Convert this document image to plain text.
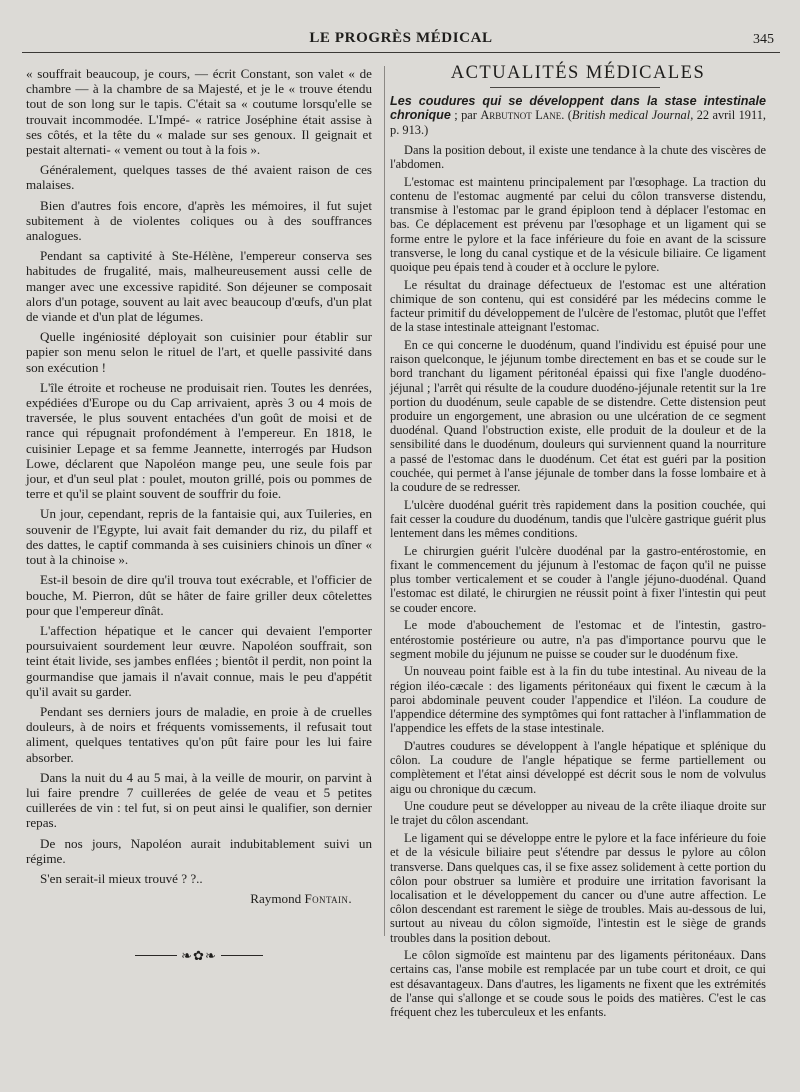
LE PROGRÈS MÉDICAL	345

« souffrait beaucoup, je cours, — écrit Constant, son valet « de chambre — à la chambre de sa Majesté, et je le « trouve étendu tout de son long sur le tapis. C'était sa « coutume lorsqu'elle se trouvait incommodée. L'Impé- « ratrice Joséphine était assise à ses côtés, et la tête du « malade sur ses genoux. Il geignait et pestait alternati- « vement ou tout à la fois ».

Généralement, quelques tasses de thé avaient raison de ces malaises.

Bien d'autres fois encore, d'après les mémoires, il fut sujet subitement à de violentes coliques ou à des souffrances analogues.

Pendant sa captivité à Ste-Hélène, l'empereur conserva ses habitudes de frugalité, mais, malheureusement aussi celle de manger avec une excessive rapidité. Son déjeuner se composait alors d'un potage, souvent au lait avec beaucoup d'œufs, d'un plat de viande et d'un plat de légumes.

Quelle ingéniosité déployait son cuisinier pour établir sur papier son menu selon le rituel de l'art, et quelle passivité dans son exécution !

L'île étroite et rocheuse ne produisait rien. Toutes les denrées, expédiées d'Europe ou du Cap arrivaient, après 3 ou 4 mois de traversée, le plus souvent entachées d'un goût de moisi et de rance qui répugnait profondément à l'empereur. En 1818, le cuisinier Lepage et sa femme Jeannette, interrogés par Hudson Lowe, déclarent que Napoléon mange peu, une seule fois par jour, et d'un seul plat : poulet, mouton grillé, pois ou pommes de terre et qu'il se plaint souvent de souffrir du foie.

Un jour, cependant, repris de la fantaisie qui, aux Tuileries, en souvenir de l'Egypte, lui avait fait demander du riz, du pilaff et des dattes, le captif commanda à ses cuisiniers chinois un dîner « tout à la chinoise ».

Est-il besoin de dire qu'il trouva tout exécrable, et l'officier de bouche, M. Pierron, dût se hâter de faire griller deux côtelettes pour que l'empereur dînât.

L'affection hépatique et le cancer qui devaient l'emporter poursuivaient sourdement leur œuvre. Napoléon souffrait, son teint était livide, ses jambes enflées ; bientôt il perdit, non point la gourmandise que jamais il n'avait connue, mais le peu d'appétit qu'il avait su garder.

Pendant ses derniers jours de maladie, en proie à de cruelles douleurs, à de noirs et fréquents vomissements, il refusait tout aliment, quelques tentatives qu'on pût faire pour les lui faire absorber.

Dans la nuit du 4 au 5 mai, à la veille de mourir, on parvint à lui faire prendre 7 cuillerées de gelée de veau et 5 petites cuillerées de vin : tel fut, si on peut ainsi le qualifier, son dernier repas.

De nos jours, Napoléon aurait indubitablement suivi un régime.

S'en serait-il mieux trouvé ? ?..

Raymond Fontain.
❧✿❧
ACTUALITÉS MÉDICALES

Les coudures qui se développent dans la stase intestinale chronique ; par Arbutnot Lane. (British medical Journal, 22 avril 1911, p. 913.)

Dans la position debout, il existe une tendance à la chute des viscères de l'abdomen.

L'estomac est maintenu principalement par l'œsophage. La traction du contenu de l'estomac augmenté par celui du côlon transverse distendu, transmise à l'estomac par le grand épiploon tend à déplacer l'estomac en bas. Ce déplacement est prévenu par l'œsophage et un ligament qui se forme entre le pylore et la face inférieure du foie en avant de la scissure transverse, le long du canal cystique et de la vésicule biliaire. Ce ligament quoique peu épais tend à couder et à occlure le pylore.

Le résultat du drainage défectueux de l'estomac est une altération chimique de son contenu, qui est considéré par les médecins comme le facteur primitif du développement de l'ulcère de l'estomac, plutôt que l'effet de la stase intestinale atteignant l'estomac.

En ce qui concerne le duodénum, quand l'individu est épuisé pour une raison quelconque, le jéjunum tombe directement en bas et se coude sur le bord tranchant du ligament péritonéal épaissi qui fixe l'angle duodéno-jéjunal ; l'arrêt qui résulte de la coudure duodéno-jéjunale retentit sur la 1re portion du duodénum, seule capable de se distendre. Cette distension peut produire un engorgement, une abrasion ou une ulcération de ce segment duodénal. Quand l'obstruction existe, elle produit de la douleur et de la sensibilité dans le duodénum, douleurs qui surviennent quand la nourriture a passé de l'estomac dans le duodénum. Cet état est guéri par la position couchée, qui permet à l'anse jéjunale de tomber dans la fosse lombaire et à la coudure de se redresser.

L'ulcère duodénal guérit très rapidement dans la position couchée, qui fait cesser la coudure du duodénum, tandis que l'ulcère gastrique guérit plus lentement dans les mêmes conditions.

Le chirurgien guérit l'ulcère duodénal par la gastro-entérostomie, en fixant le commencement du jéjunum à l'estomac de façon qu'il ne puisse plus tomber verticalement et se couder à l'angle jéjuno-duodénal. Quand l'estomac est dilaté, le chirurgien ne réussit point à fixer l'intestin qui peut se couder encore.

Le mode d'abouchement de l'estomac et de l'intestin, gastro-entérostomie postérieure ou autre, n'a pas d'importance pourvu que le segment mobile du jéjunum ne puisse se couder sur le duodénum fixe.

Un nouveau point faible est à la fin du tube intestinal. Au niveau de la région iléo-cæcale : des ligaments péritonéaux qui fixent le cæcum à la paroi abdominale peuvent couder l'appendice et l'iléon. La coudure de l'appendice détermine des symptômes qui font rattacher à l'inflammation de l'appendice les effets de la stase intestinale.

D'autres coudures se développent à l'angle hépatique et splénique du côlon. La coudure de l'angle hépatique se ferme partiellement ou complètement et l'état ainsi développé est décrit sous le nom de volvulus aigu ou chronique du cæcum.

Une coudure peut se développer au niveau de la crête iliaque droite sur le trajet du côlon ascendant.

Le ligament qui se développe entre le pylore et la face inférieure du foie et de la vésicule biliaire peut s'étendre par dessus le pylore au côlon transverse. Dans quelques cas, il se fixe assez solidement à cette portion du côlon pour obstruer sa lumière et produire une irritation favorisant la localisation et le développement du cancer ou d'une autre affection. Le côlon descendant est rarement le siège de troubles. Mais au-dessous de lui, surtout au niveau du côlon sigmoïde, l'intestin est le siège de grands troubles dans la position debout.

Le côlon sigmoïde est maintenu par des ligaments péritonéaux. Dans certains cas, l'anse mobile est remplacée par un tube court et droit, ce qui est désavantageux. Dans d'autres, les ligaments ne fixent que les extrémités de l'anse qui s'allonge et se coude sous le poids des matières. C'est le cas fréquent chez les tuberculeux et les enfants.
